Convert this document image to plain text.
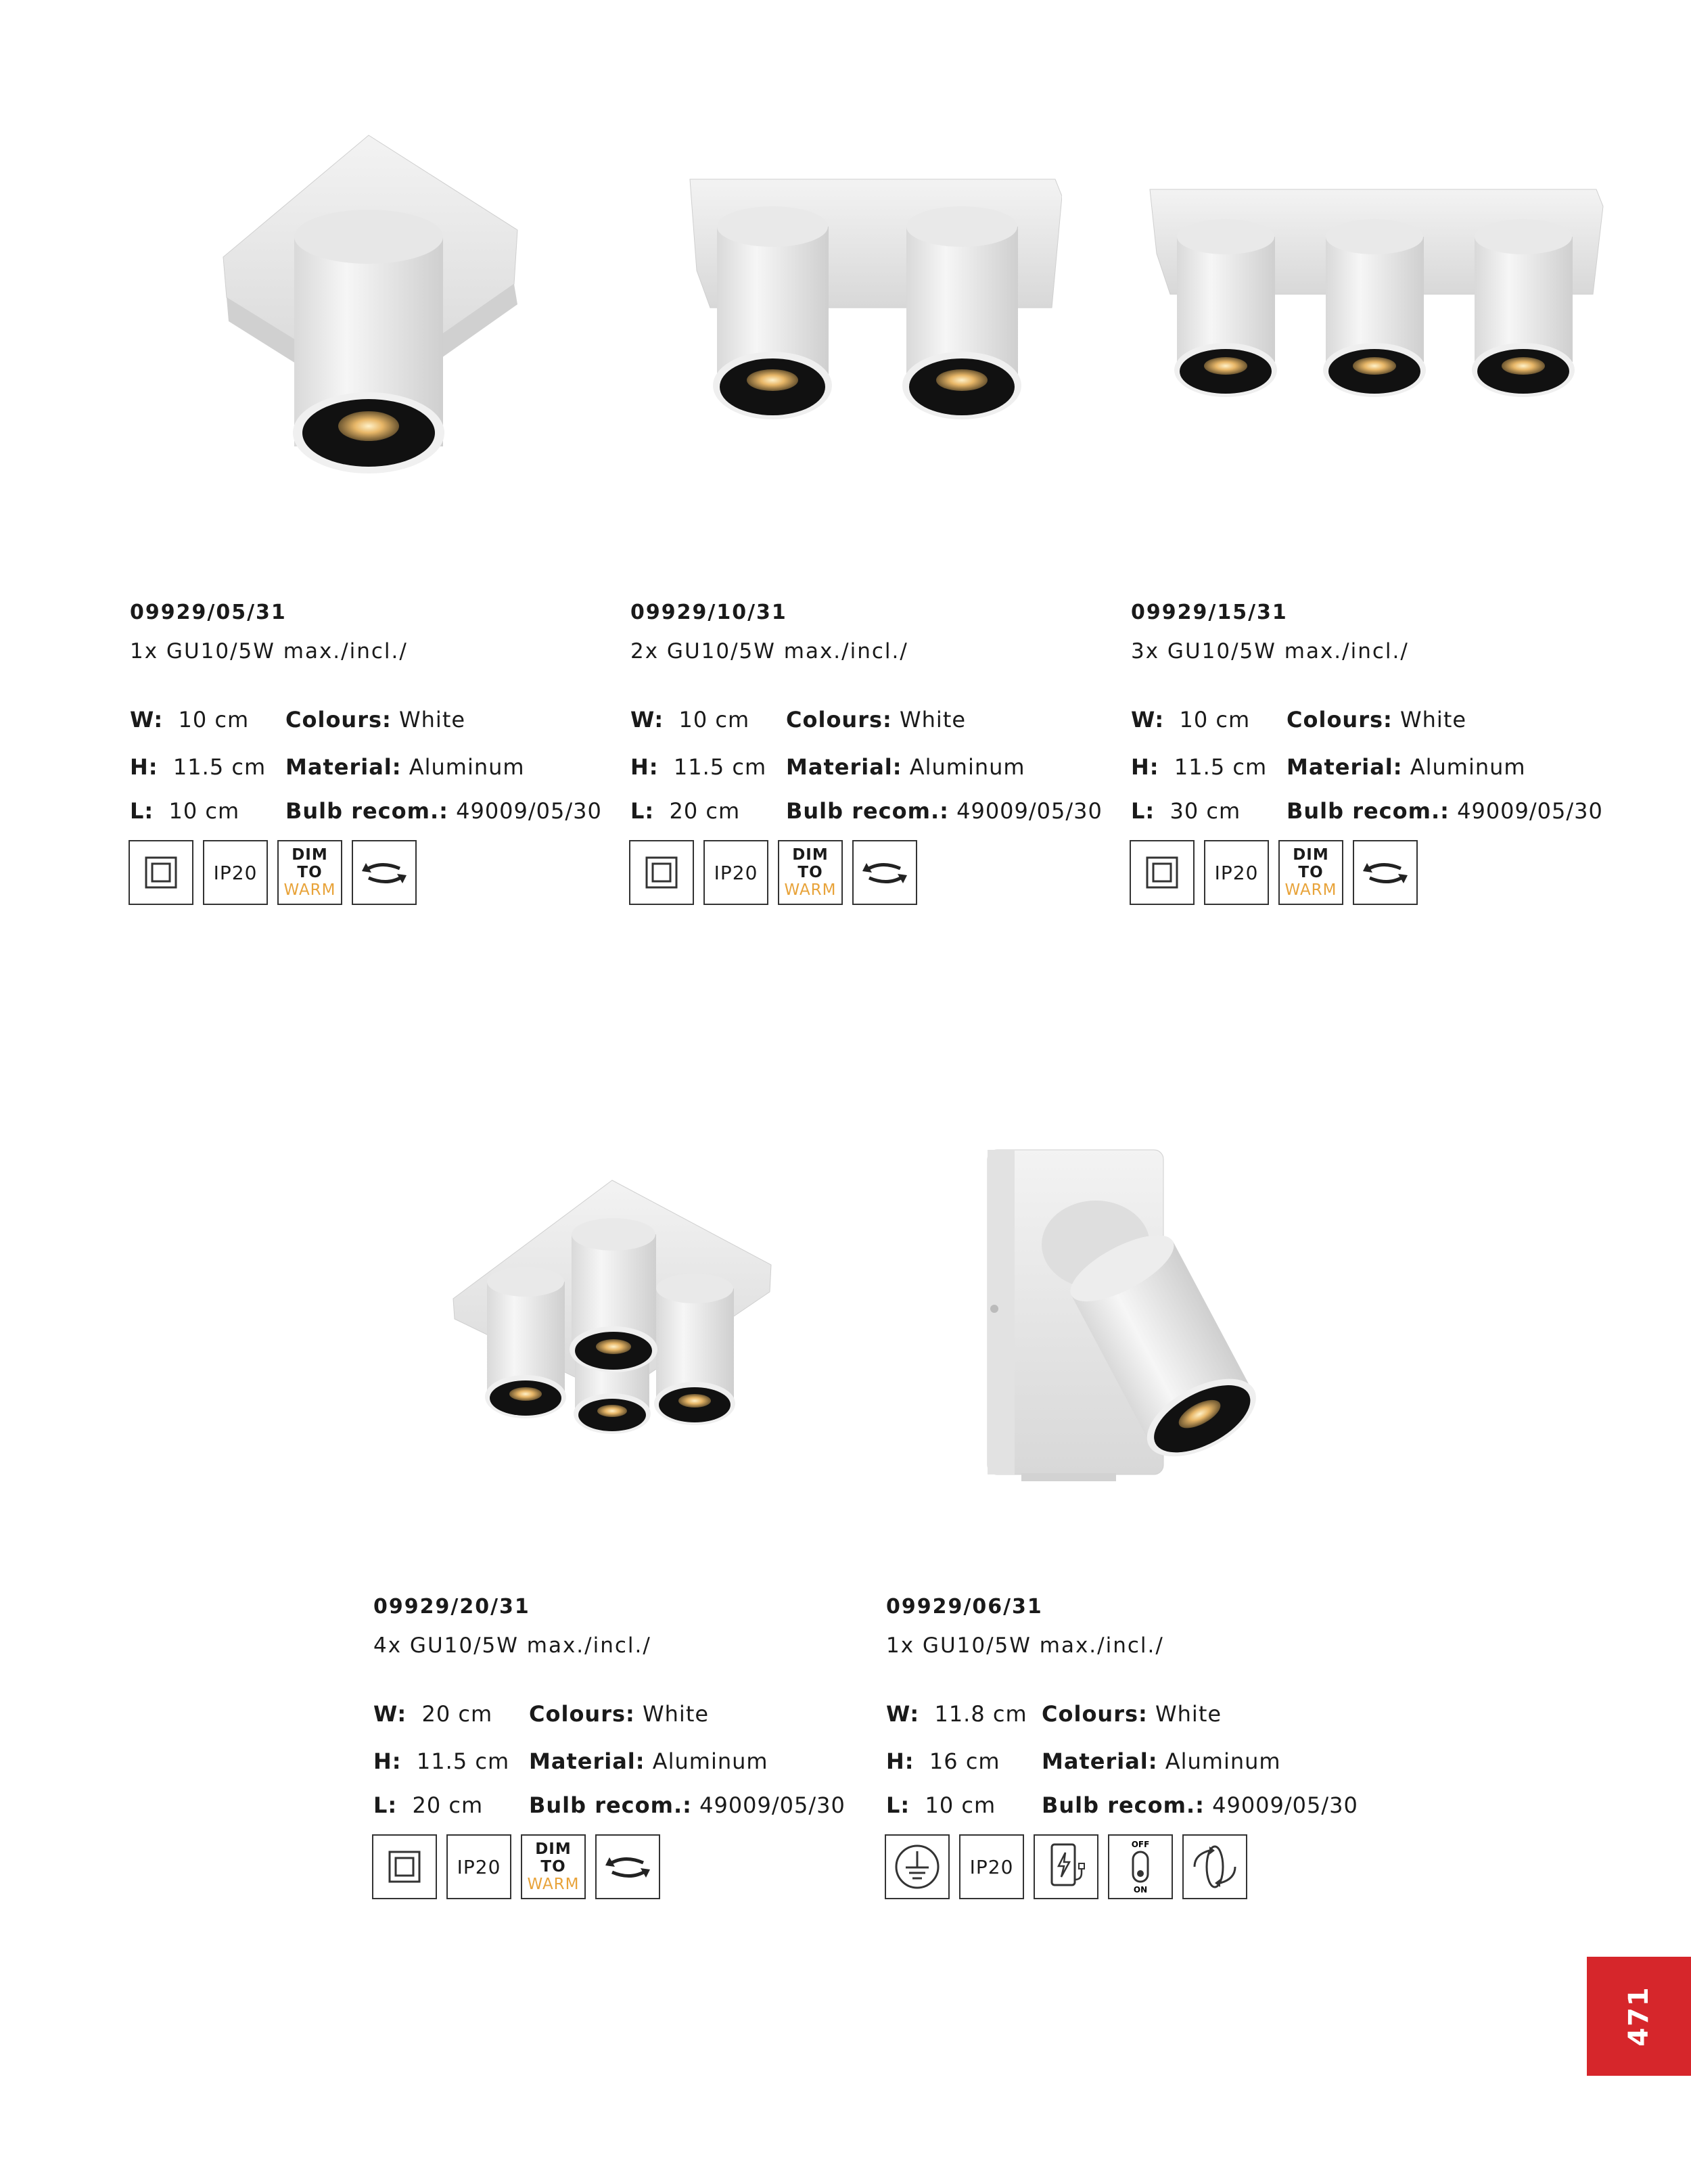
09929/05/31
1x GU10/5W max./incl./
W: 10 cm
H: 11.5 cm
L: 10 cm
Colours: White
Material: Aluminum
Bulb recom.: 49009/05/30
IP20
DIM TO
WARM
09929/10/31
2x GU10/5W max./incl./
W: 10 cm
H: 11.5 cm
L: 20 cm
Colours: White
Material: Aluminum
Bulb recom.: 49009/05/30
IP20
DIM TO
WARM
09929/15/31
3x GU10/5W max./incl./
W: 10 cm
H: 11.5 cm
L: 30 cm
Colours: White
Material: Aluminum
Bulb recom.: 49009/05/30
IP20
DIM TO
WARM
09929/20/31
4x GU10/5W max./incl./
W: 20 cm
H: 11.5 cm
L: 20 cm
Colours: White
Material: Aluminum
Bulb recom.: 49009/05/30
IP20
DIM TO
WARM
09929/06/31
1x GU10/5W max./incl./
W: 11.8 cm
H: 16 cm
L: 10 cm
Colours: White
Material: Aluminum
Bulb recom.: 49009/05/30
IP20
OFF
ON
471
